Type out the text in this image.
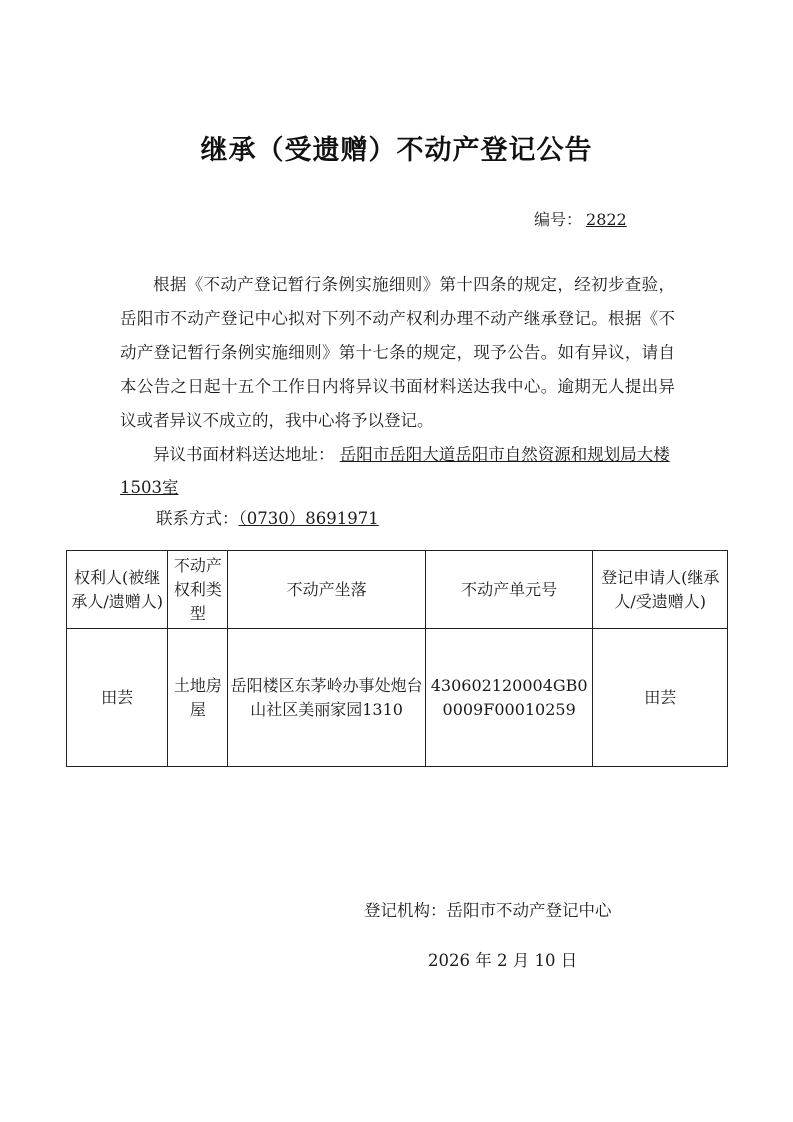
继承（受遗赠）不动产登记公告
编号： 2822
根据《不动产登记暂行条例实施细则》第十四条的规定，经初步查验，岳阳市不动产登记中心拟对下列不动产权利办理不动产继承登记。根据《不动产登记暂行条例实施细则》第十七条的规定，现予公告。如有异议，请自本公告之日起十五个工作日内将异议书面材料送达我中心。逾期无人提出异议或者异议不成立的，我中心将予以登记。
异议书面材料送达地址： 岳阳市岳阳大道岳阳市自然资源和规划局大楼1503室
联系方式：（0730）8691971
权利人(被继承人/遗赠人)	不动产权利类型	不动产坐落	不动产单元号	登记申请人(继承人/受遗赠人)
田芸	土地房屋	岳阳楼区东茅岭办事处炮台山社区美丽家园1310	430602120004GB00009F00010259	田芸
登记机构：岳阳市不动产登记中心
2026 年 2 月 10 日
